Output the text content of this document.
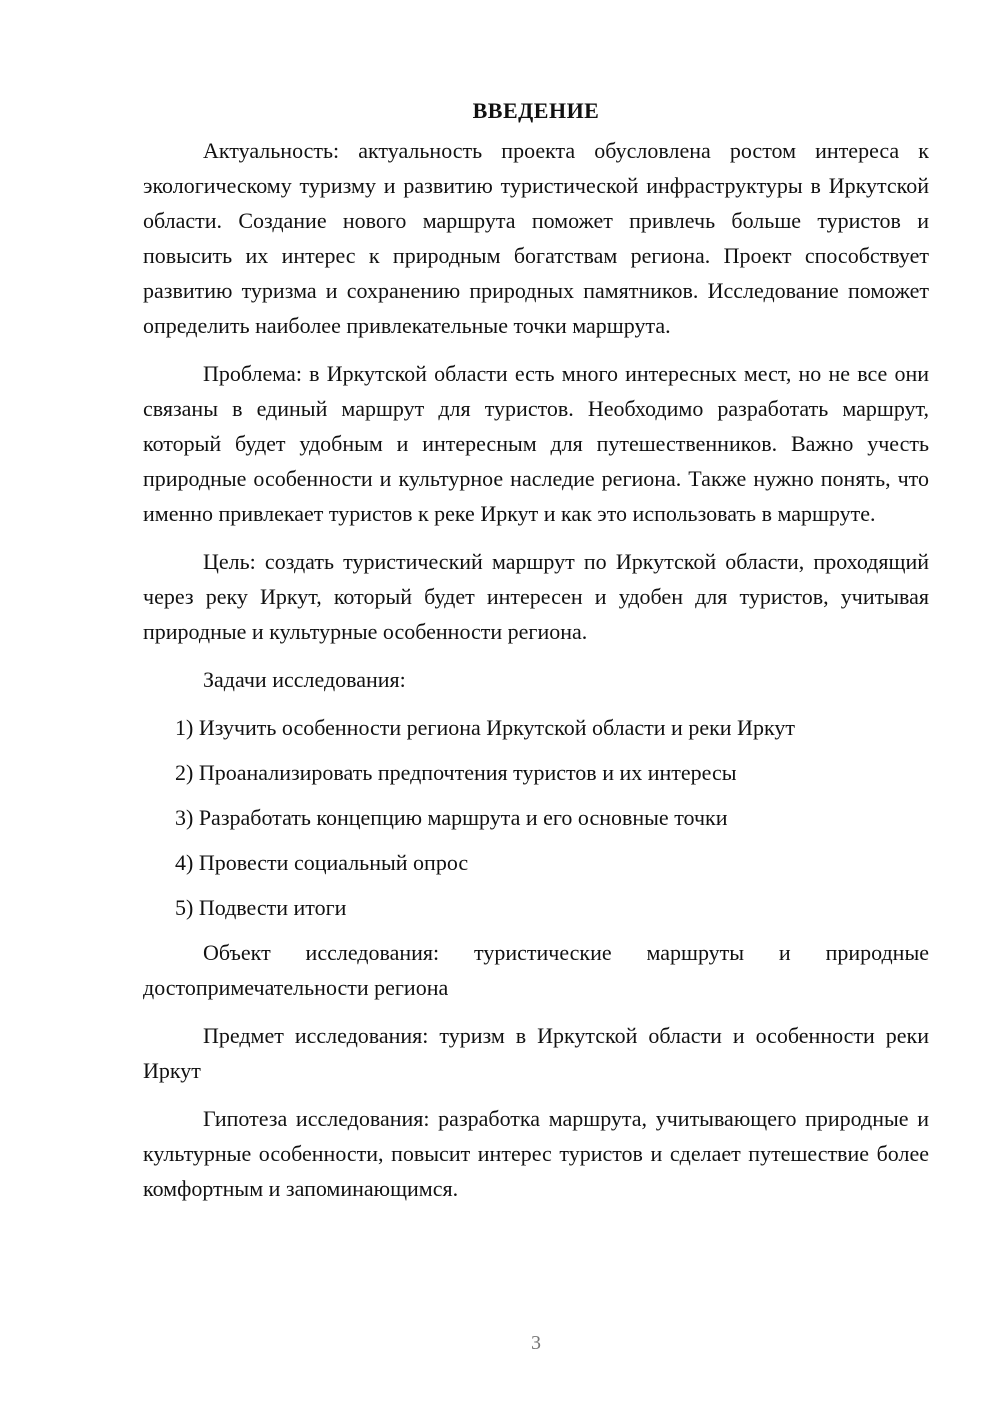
ВВЕДЕНИЕ

Актуальность: актуальность проекта обусловлена ростом интереса к экологическому туризму и развитию туристической инфраструктуры в Иркутской области. Создание нового маршрута поможет привлечь больше туристов и повысить их интерес к природным богатствам региона. Проект способствует развитию туризма и сохранению природных памятников. Исследование поможет определить наиболее привлекательные точки маршрута.

Проблема: в Иркутской области есть много интересных мест, но не все они связаны в единый маршрут для туристов. Необходимо разработать маршрут, который будет удобным и интересным для путешественников. Важно учесть природные особенности и культурное наследие региона. Также нужно понять, что именно привлекает туристов к реке Иркут и как это использовать в маршруте.

Цель: создать туристический маршрут по Иркутской области, проходящий через реку Иркут, который будет интересен и удобен для туристов, учитывая природные и культурные особенности региона.

Задачи исследования:

1) Изучить особенности региона Иркутской области и реки Иркут
2) Проанализировать предпочтения туристов и их интересы
3) Разработать концепцию маршрута и его основные точки
4) Провести социальный опрос
5) Подвести итоги

Объект исследования: туристические маршруты и природные достопримечательности региона

Предмет исследования: туризм в Иркутской области и особенности реки Иркут

Гипотеза исследования: разработка маршрута, учитывающего природные и культурные особенности, повысит интерес туристов и сделает путешествие более комфортным и запоминающимся.

3
